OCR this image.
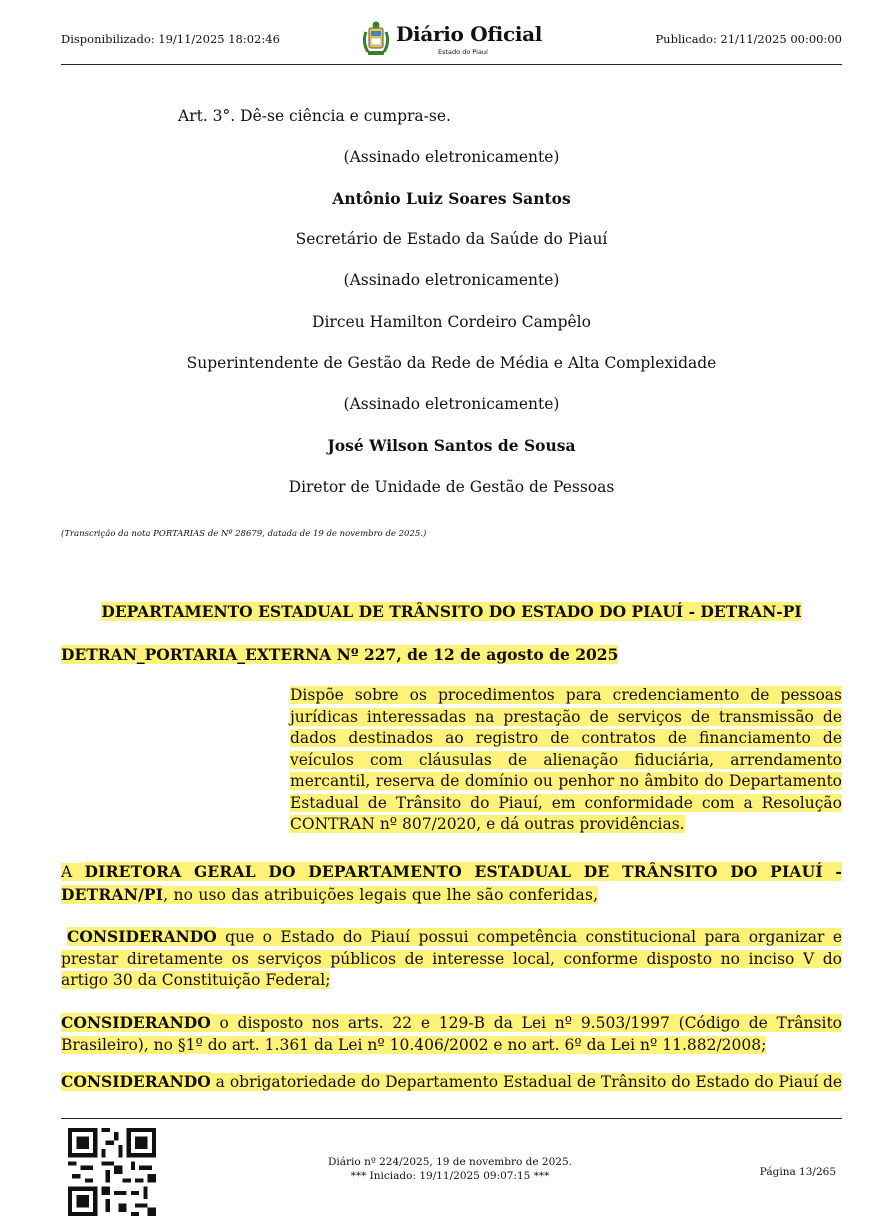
Disponibilizado: 19/11/2025 18:02:46	Diário Oficial
Estado do Piauí
Publicado: 21/11/2025 00:00:00
Art. 3°. Dê-se ciência e cumpra-se.
(Assinado eletronicamente)
Antônio Luiz Soares Santos
Secretário de Estado da Saúde do Piauí
(Assinado eletronicamente)
Dirceu Hamilton Cordeiro Campêlo
Superintendente de Gestão da Rede de Média e Alta Complexidade
(Assinado eletronicamente)
José Wilson Santos de Sousa
Diretor de Unidade de Gestão de Pessoas
(Transcrição da nota PORTARIAS de Nº 28679, datada de 19 de novembro de 2025.)
DEPARTAMENTO ESTADUAL DE TRÂNSITO DO ESTADO DO PIAUÍ - DETRAN-PI
DETRAN_PORTARIA_EXTERNA Nº 227, de 12 de agosto de 2025
Dispõe sobre os procedimentos para credenciamento de pessoas jurídicas interessadas na prestação de serviços de transmissão de dados destinados ao registro de contratos de financiamento de veículos com cláusulas de alienação fiduciária, arrendamento mercantil, reserva de domínio ou penhor no âmbito do Departamento Estadual de Trânsito do Piauí, em conformidade com a Resolução CONTRAN nº 807/2020, e dá outras providências.
A DIRETORA GERAL DO DEPARTAMENTO ESTADUAL DE TRÂNSITO DO PIAUÍ - DETRAN/PI, no uso das atribuições legais que lhe são conferidas,
CONSIDERANDO que o Estado do Piauí possui competência constitucional para organizar e prestar diretamente os serviços públicos de interesse local, conforme disposto no inciso V do artigo 30 da Constituição Federal;
CONSIDERANDO o disposto nos arts. 22 e 129-B da Lei nº 9.503/1997 (Código de Trânsito Brasileiro), no §1º do art. 1.361 da Lei nº 10.406/2002 e no art. 6º da Lei nº 11.882/2008;
CONSIDERANDO a obrigatoriedade do Departamento Estadual de Trânsito do Estado do Piauí de
Diário nº 224/2025, 19 de novembro de 2025.
*** Iniciado: 19/11/2025 09:07:15 ***	Página 13/265
